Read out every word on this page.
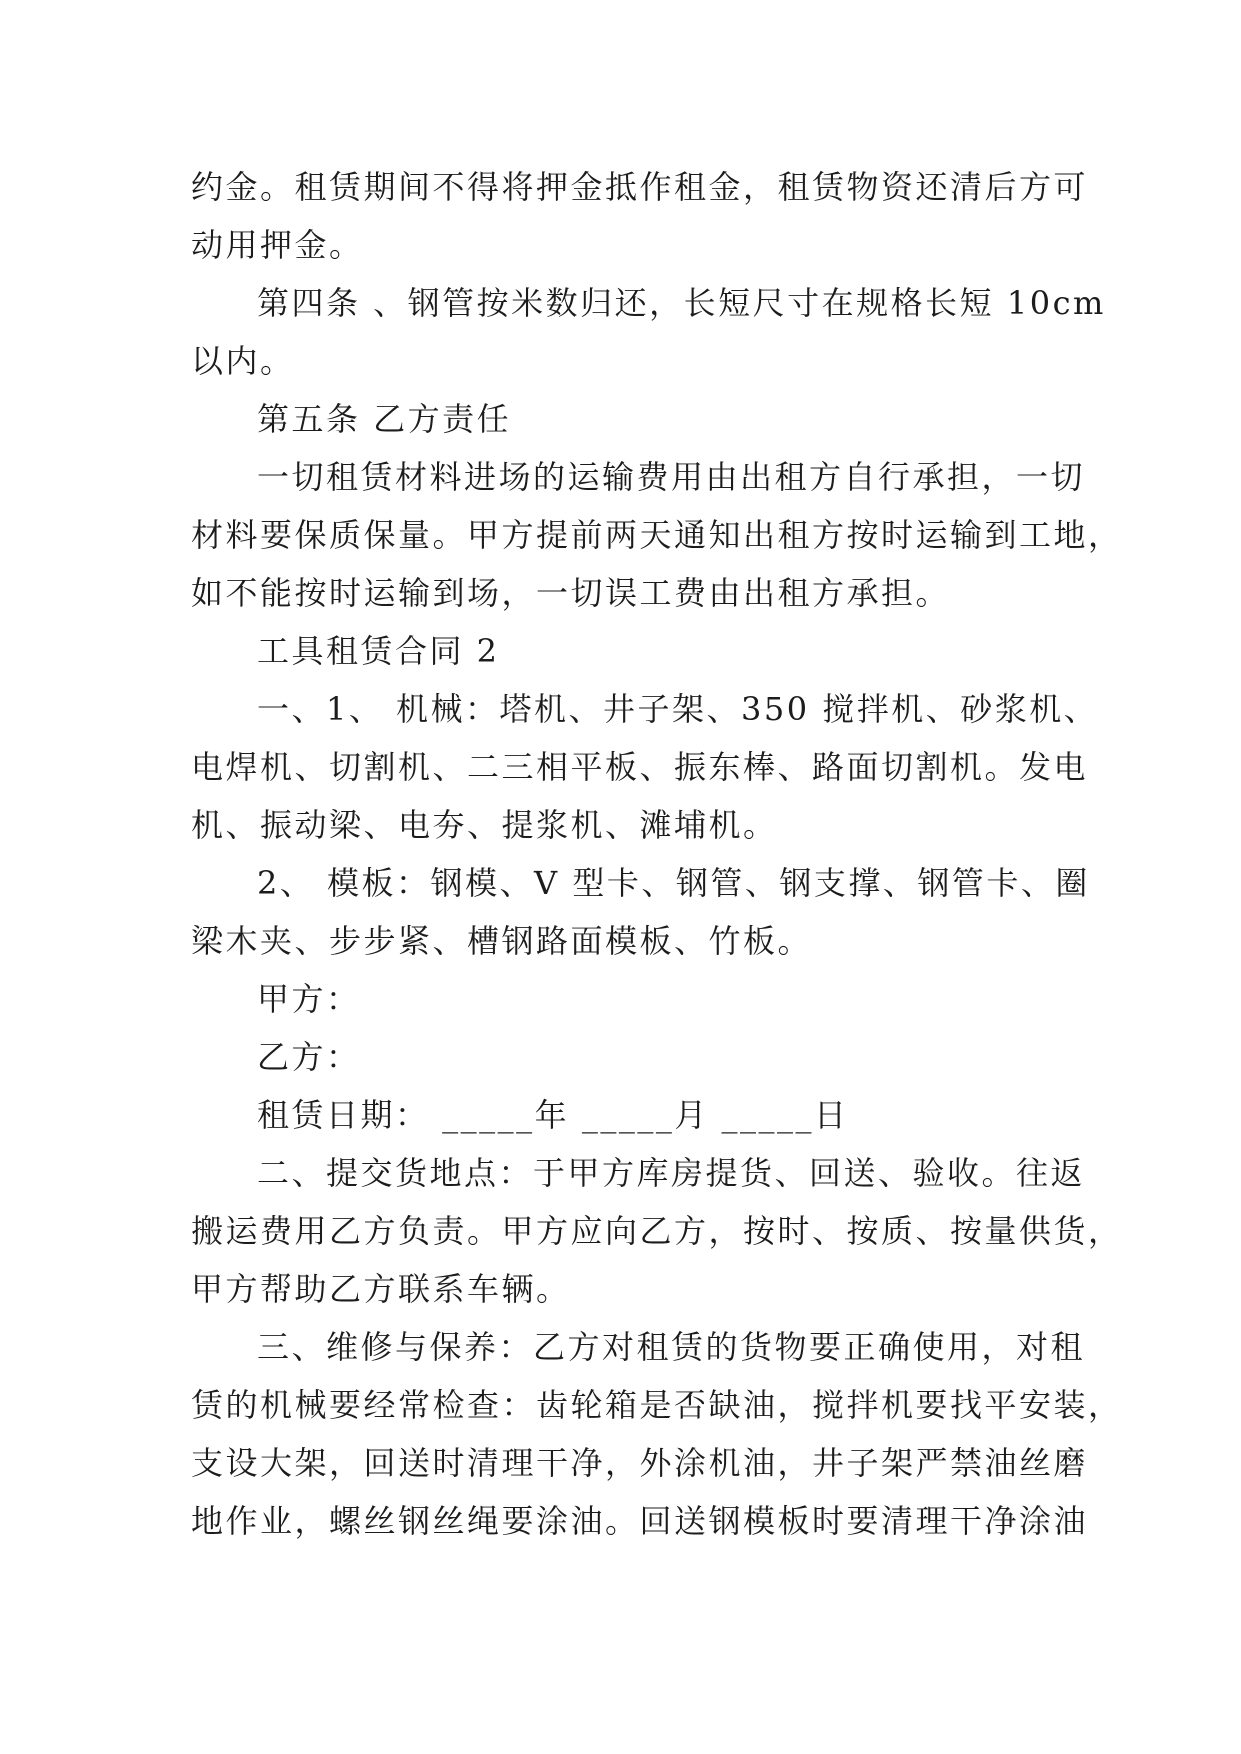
约金。租赁期间不得将押金抵作租金，租赁物资还清后方可
动用押金。
第四条 、钢管按米数归还，长短尺寸在规格长短 10cm
以内。
第五条 乙方责任
一切租赁材料进场的运输费用由出租方自行承担，一切
材料要保质保量。甲方提前两天通知出租方按时运输到工地，
如不能按时运输到场，一切误工费由出租方承担。
工具租赁合同 2
一、1、 机械：塔机、井子架、350 搅拌机、砂浆机、
电焊机、切割机、二三相平板、振东棒、路面切割机。发电
机、振动梁、电夯、提浆机、滩埔机。
2、 模板：钢模、V 型卡、钢管、钢支撑、钢管卡、圈
梁木夹、步步紧、槽钢路面模板、竹板。
甲方：
乙方：
租赁日期： _____年 _____月 _____日
二、提交货地点：于甲方库房提货、回送、验收。往返
搬运费用乙方负责。甲方应向乙方，按时、按质、按量供货，
甲方帮助乙方联系车辆。
三、维修与保养：乙方对租赁的货物要正确使用，对租
赁的机械要经常检查：齿轮箱是否缺油，搅拌机要找平安装，
支设大架，回送时清理干净，外涂机油，井子架严禁油丝磨
地作业，螺丝钢丝绳要涂油。回送钢模板时要清理干净涂油
